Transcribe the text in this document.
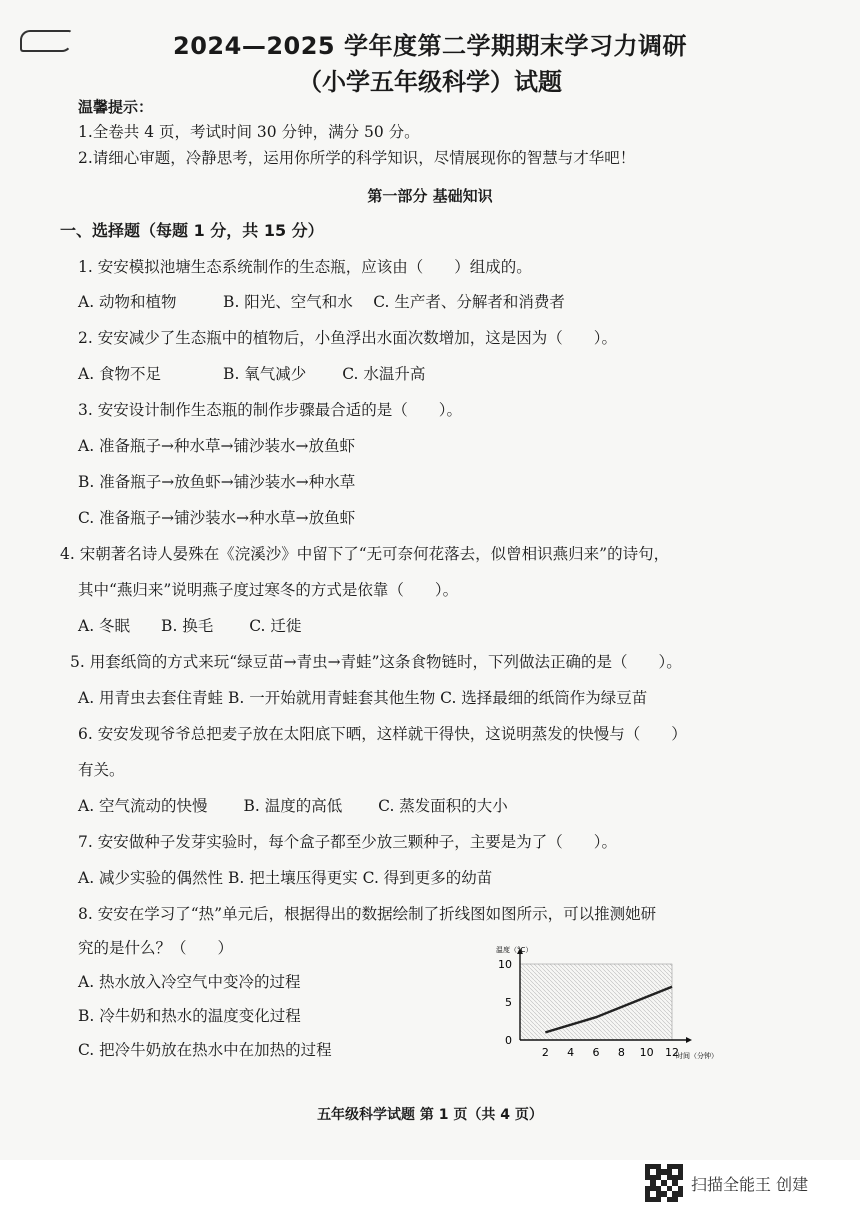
2024—2025 学年度第二学期期末学习力调研
（小学五年级科学）试题
温馨提示：
1.全卷共 4 页，考试时间 30 分钟，满分 50 分。
2.请细心审题，冷静思考，运用你所学的科学知识，尽情展现你的智慧与才华吧！
第一部分 基础知识
一、选择题（每题 1 分，共 15 分）
1. 安安模拟池塘生态系统制作的生态瓶，应该由（　　）组成的。
A. 动物和植物　　　B. 阳光、空气和水　 C. 生产者、分解者和消费者
2. 安安减少了生态瓶中的植物后，小鱼浮出水面次数增加，这是因为（　　）。
A. 食物不足　　　　B. 氧气减少　　 C. 水温升高
3. 安安设计制作生态瓶的制作步骤最合适的是（　　）。
A. 准备瓶子→种水草→铺沙装水→放鱼虾
B. 准备瓶子→放鱼虾→铺沙装水→种水草
C. 准备瓶子→铺沙装水→种水草→放鱼虾
4. 宋朝著名诗人晏殊在《浣溪沙》中留下了“无可奈何花落去，似曾相识燕归来”的诗句，
其中“燕归来”说明燕子度过寒冬的方式是依靠（　　）。
A. 冬眠　　B. 换毛　　 C. 迁徙
5. 用套纸筒的方式来玩“绿豆苗→青虫→青蛙”这条食物链时，下列做法正确的是（　　）。
A. 用青虫去套住青蛙 B. 一开始就用青蛙套其他生物 C. 选择最细的纸筒作为绿豆苗
6. 安安发现爷爷总把麦子放在太阳底下晒，这样就干得快，这说明蒸发的快慢与（　　）
有关。
A. 空气流动的快慢　　 B. 温度的高低　　 C. 蒸发面积的大小
7. 安安做种子发芽实验时，每个盒子都至少放三颗种子，主要是为了（　　）。
A. 减少实验的偶然性 B. 把土壤压得更实 C. 得到更多的幼苗
8. 安安在学习了“热”单元后，根据得出的数据绘制了折线图如图所示，可以推测她研
究的是什么？（　　）
A. 热水放入冷空气中变冷的过程
B. 冷牛奶和热水的温度变化过程
C. 把冷牛奶放在热水中在加热的过程
温度（°C）
时间（分钟）
2 4 6 8 10 12
0
5
10
五年级科学试题 第 1 页（共 4 页）
扫描全能王 创建
